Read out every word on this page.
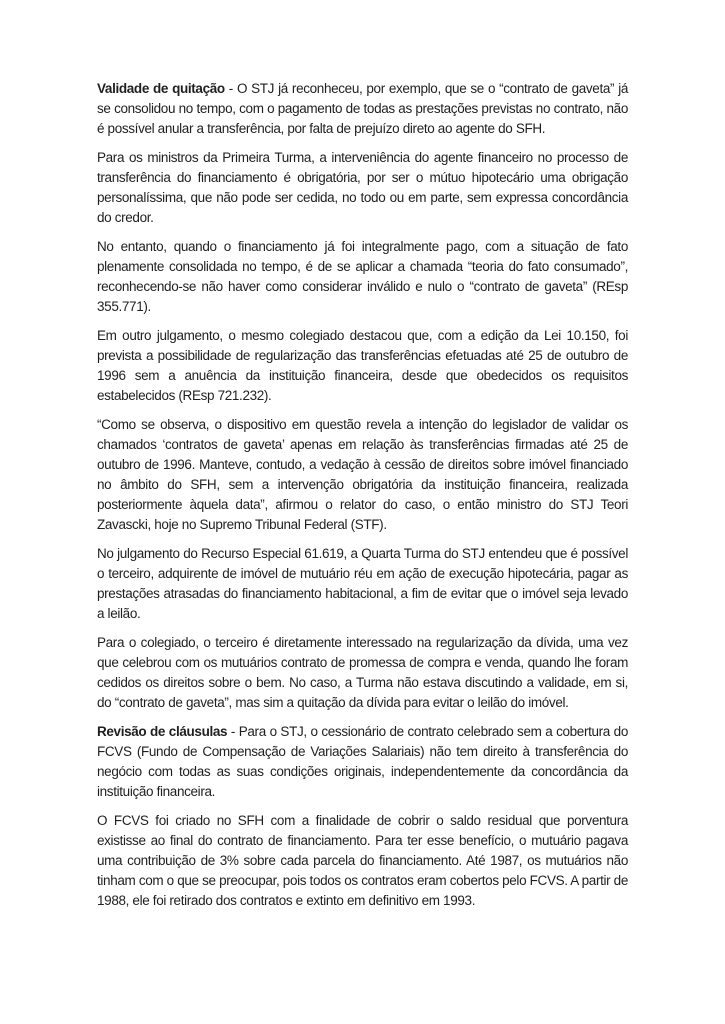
Validade de quitação - O STJ já reconheceu, por exemplo, que se o “contrato de gaveta” já se consolidou no tempo, com o pagamento de todas as prestações previstas no contrato, não é possível anular a transferência, por falta de prejuízo direto ao agente do SFH.

Para os ministros da Primeira Turma, a interveniência do agente financeiro no processo de transferência do financiamento é obrigatória, por ser o mútuo hipotecário uma obrigação personalíssima, que não pode ser cedida, no todo ou em parte, sem expressa concordância do credor.

No entanto, quando o financiamento já foi integralmente pago, com a situação de fato plenamente consolidada no tempo, é de se aplicar a chamada “teoria do fato consumado”, reconhecendo-se não haver como considerar inválido e nulo o “contrato de gaveta” (REsp 355.771).

Em outro julgamento, o mesmo colegiado destacou que, com a edição da Lei 10.150, foi prevista a possibilidade de regularização das transferências efetuadas até 25 de outubro de 1996 sem a anuência da instituição financeira, desde que obedecidos os requisitos estabelecidos (REsp 721.232).

“Como se observa, o dispositivo em questão revela a intenção do legislador de validar os chamados ‘contratos de gaveta’ apenas em relação às transferências firmadas até 25 de outubro de 1996. Manteve, contudo, a vedação à cessão de direitos sobre imóvel financiado no âmbito do SFH, sem a intervenção obrigatória da instituição financeira, realizada posteriormente àquela data”, afirmou o relator do caso, o então ministro do STJ Teori Zavascki, hoje no Supremo Tribunal Federal (STF).

No julgamento do Recurso Especial 61.619, a Quarta Turma do STJ entendeu que é possível o terceiro, adquirente de imóvel de mutuário réu em ação de execução hipotecária, pagar as prestações atrasadas do financiamento habitacional, a fim de evitar que o imóvel seja levado a leilão.

Para o colegiado, o terceiro é diretamente interessado na regularização da dívida, uma vez que celebrou com os mutuários contrato de promessa de compra e venda, quando lhe foram cedidos os direitos sobre o bem. No caso, a Turma não estava discutindo a validade, em si, do “contrato de gaveta”, mas sim a quitação da dívida para evitar o leilão do imóvel.

Revisão de cláusulas - Para o STJ, o cessionário de contrato celebrado sem a cobertura do FCVS (Fundo de Compensação de Variações Salariais) não tem direito à transferência do negócio com todas as suas condições originais, independentemente da concordância da instituição financeira.

O FCVS foi criado no SFH com a finalidade de cobrir o saldo residual que porventura existisse ao final do contrato de financiamento. Para ter esse benefício, o mutuário pagava uma contribuição de 3% sobre cada parcela do financiamento. Até 1987, os mutuários não tinham com o que se preocupar, pois todos os contratos eram cobertos pelo FCVS. A partir de 1988, ele foi retirado dos contratos e extinto em definitivo em 1993.
